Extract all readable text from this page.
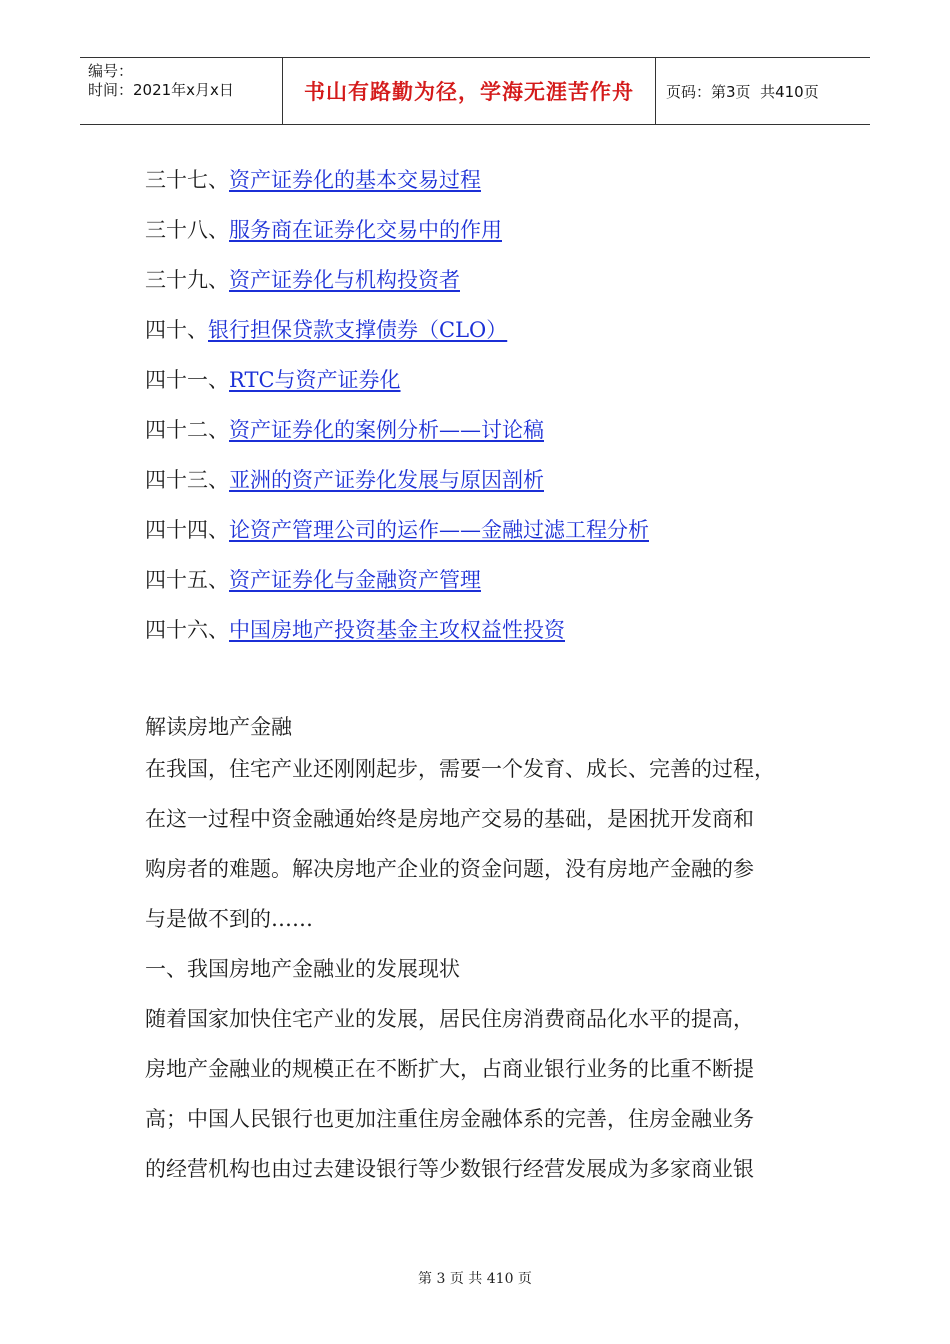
编号：
时间：2021年x月x日	书山有路勤为径，学海无涯苦作舟 页码：第3页  共410页
三十七、资产证券化的基本交易过程
三十八、服务商在证券化交易中的作用
三十九、资产证券化与机构投资者
四十、银行担保贷款支撑债券（CLO）
四十一、RTC与资产证券化
四十二、资产证券化的案例分析——讨论稿
四十三、亚洲的资产证券化发展与原因剖析
四十四、论资产管理公司的运作——金融过滤工程分析
四十五、资产证券化与金融资产管理
四十六、中国房地产投资基金主攻权益性投资
解读房地产金融
在我国，住宅产业还刚刚起步，需要一个发育、成长、完善的过程，
在这一过程中资金融通始终是房地产交易的基础，是困扰开发商和
购房者的难题。解决房地产企业的资金问题，没有房地产金融的参
与是做不到的……
一、我国房地产金融业的发展现状
随着国家加快住宅产业的发展，居民住房消费商品化水平的提高，
房地产金融业的规模正在不断扩大，占商业银行业务的比重不断提
高；中国人民银行也更加注重住房金融体系的完善，住房金融业务
的经营机构也由过去建设银行等少数银行经营发展成为多家商业银
第 3 页 共 410 页
